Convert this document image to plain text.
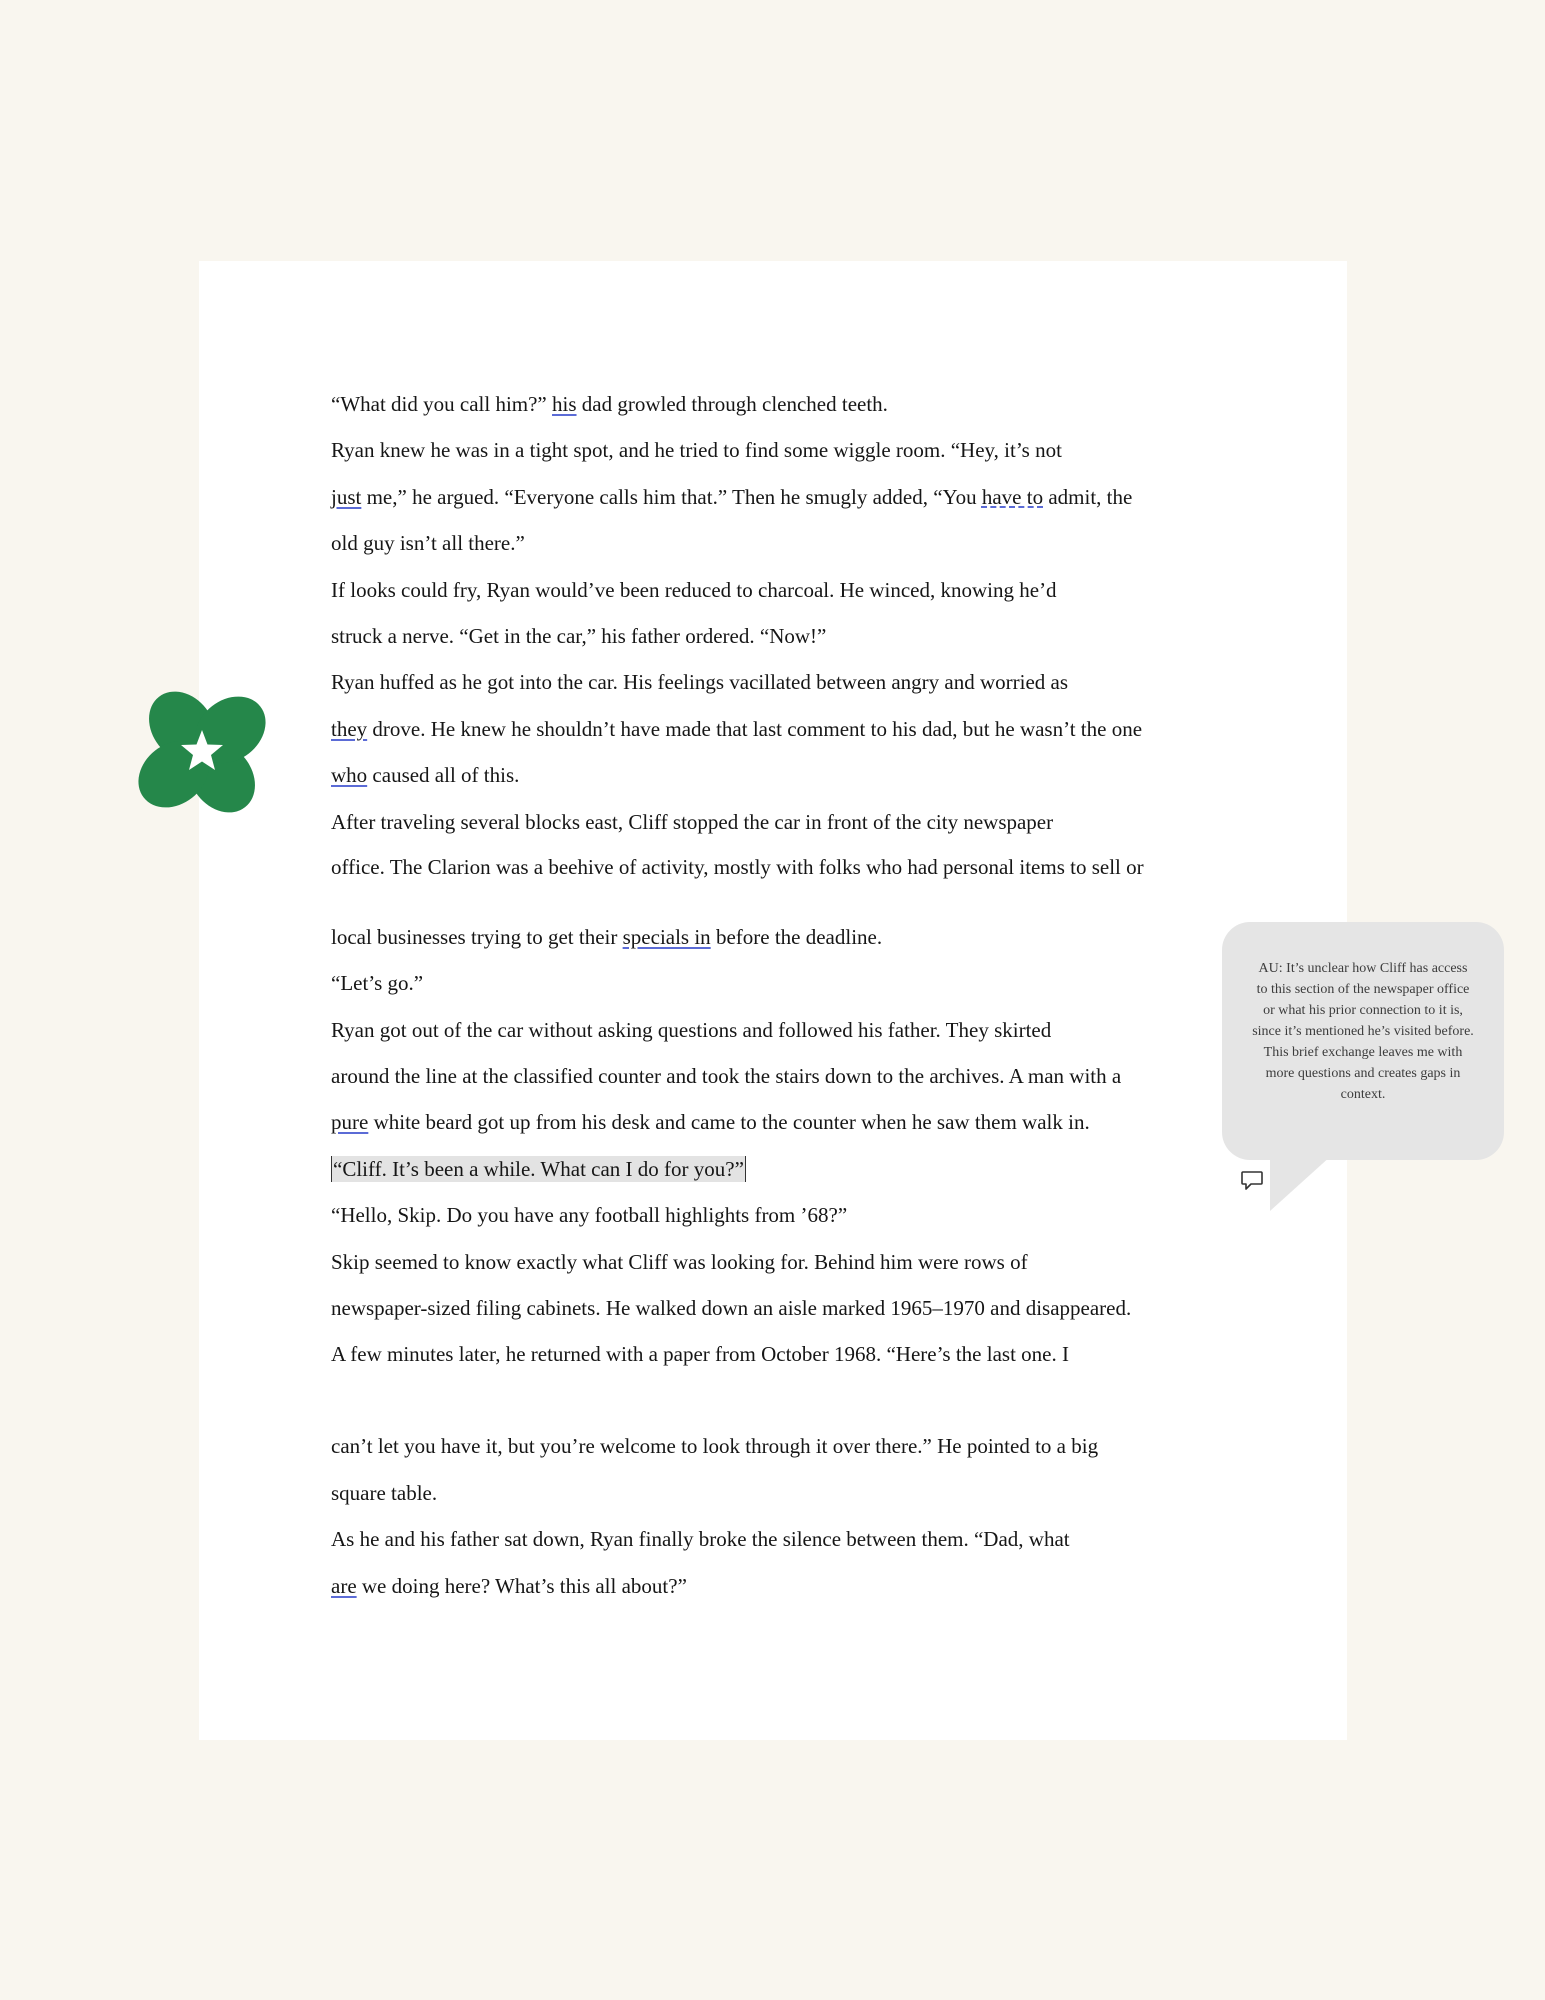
“What did you call him?” his dad growled through clenched teeth.
Ryan knew he was in a tight spot, and he tried to find some wiggle room. “Hey, it’s not
just me,” he argued. “Everyone calls him that.” Then he smugly added, “You have to admit, the
old guy isn’t all there.”
If looks could fry, Ryan would’ve been reduced to charcoal. He winced, knowing he’d
struck a nerve. “Get in the car,” his father ordered. “Now!”
Ryan huffed as he got into the car. His feelings vacillated between angry and worried as
they drove. He knew he shouldn’t have made that last comment to his dad, but he wasn’t the one
who caused all of this.
After traveling several blocks east, Cliff stopped the car in front of the city newspaper
office. The Clarion was a beehive of activity, mostly with folks who had personal items to sell or
local businesses trying to get their specials in before the deadline.
“Let’s go.”
Ryan got out of the car without asking questions and followed his father. They skirted
around the line at the classified counter and took the stairs down to the archives. A man with a
pure white beard got up from his desk and came to the counter when he saw them walk in.
“Cliff. It’s been a while. What can I do for you?”
“Hello, Skip. Do you have any football highlights from ’68?”
Skip seemed to know exactly what Cliff was looking for. Behind him were rows of
newspaper-sized filing cabinets. He walked down an aisle marked 1965–1970 and disappeared.
A few minutes later, he returned with a paper from October 1968. “Here’s the last one. I
can’t let you have it, but you’re welcome to look through it over there.” He pointed to a big
square table.
As he and his father sat down, Ryan finally broke the silence between them. “Dad, what
are we doing here? What’s this all about?”
AU: It’s unclear how Cliff has access to this section of the newspaper office or what his prior connection to it is, since it’s mentioned he’s visited before. This brief exchange leaves me with more questions and creates gaps in context.
